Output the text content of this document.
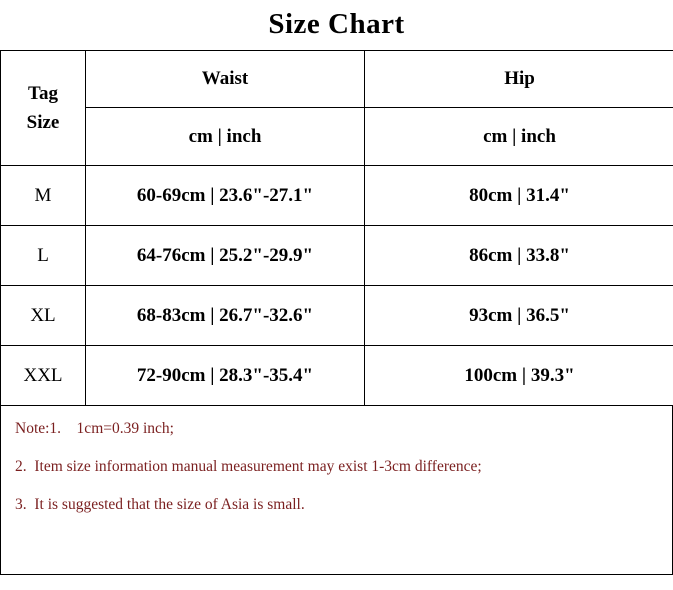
Size Chart
Tag
Size	Waist	Hip
	cm | inch	cm | inch
M	60-69cm | 23.6"-27.1"	80cm | 31.4"
L	64-76cm | 25.2"-29.9"	86cm | 33.8"
XL	68-83cm | 26.7"-32.6"	93cm | 36.5"
XXL	72-90cm | 28.3"-35.4"	100cm | 39.3"
Note:1.    1cm=0.39 inch;
2.  Item size information manual measurement may exist 1-3cm difference;
3.  It is suggested that the size of Asia is small.
